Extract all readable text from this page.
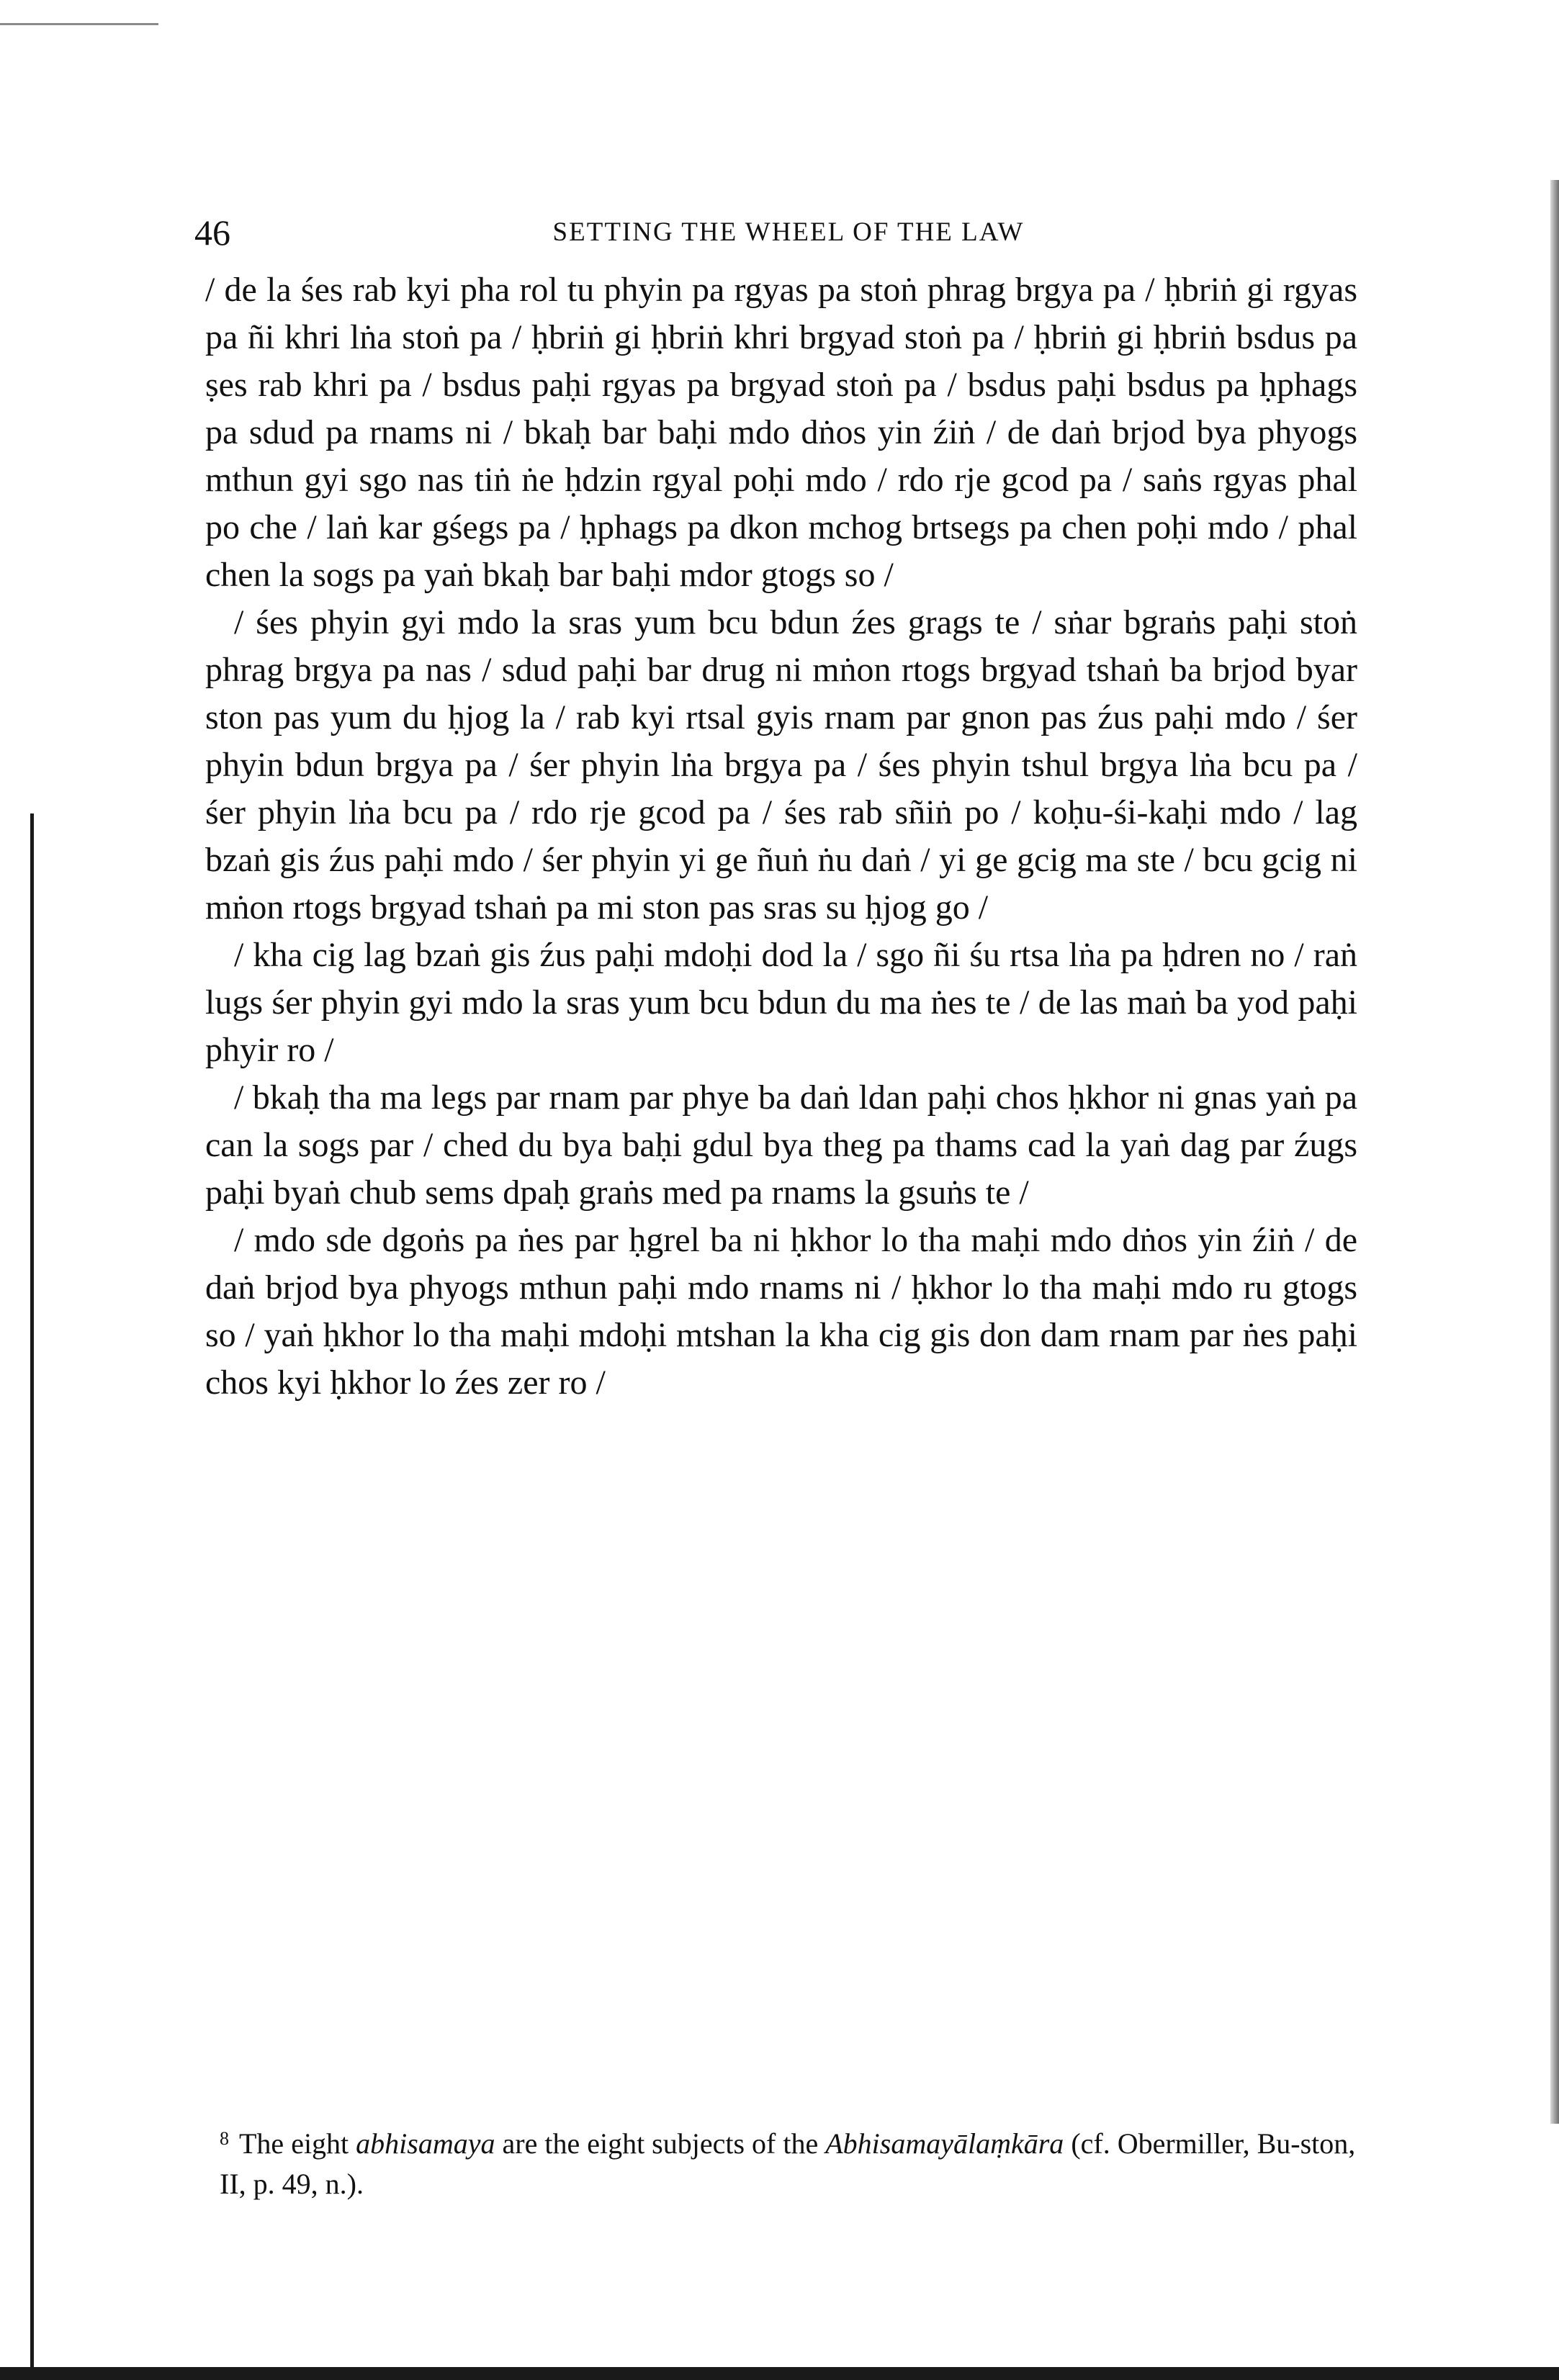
46	SETTING THE WHEEL OF THE LAW

/ de la śes rab kyi pha rol tu phyin pa rgyas pa stoṅ phrag brgya pa / ḥbriṅ gi rgyas pa ñi khri lṅa stoṅ pa / ḥbriṅ gi ḥbriṅ khri brgyad stoṅ pa / ḥbriṅ gi ḥbriṅ bsdus pa ṣes rab khri pa / bsdus paḥi rgyas pa brgyad stoṅ pa / bsdus paḥi bsdus pa ḥphags pa sdud pa rnams ni / bkaḥ bar baḥi mdo dṅos yin źiṅ / de daṅ brjod bya phyogs mthun gyi sgo nas tiṅ ṅe ḥdzin rgyal poḥi mdo / rdo rje gcod pa / saṅs rgyas phal po che / laṅ kar gśegs pa / ḥphags pa dkon mchog brtsegs pa chen poḥi mdo / phal chen la sogs pa yaṅ bkaḥ bar baḥi mdor gtogs so /

/ śes phyin gyi mdo la sras yum bcu bdun źes grags te / sṅar bgraṅs paḥi stoṅ phrag brgya pa nas / sdud paḥi bar drug ni mṅon rtogs brgyad tshaṅ ba brjod byar ston pas yum du ḥjog la / rab kyi rtsal gyis rnam par gnon pas źus paḥi mdo / śer phyin bdun brgya pa / śer phyin lṅa brgya pa / śes phyin tshul brgya lṅa bcu pa / śer phyin lṅa bcu pa / rdo rje gcod pa / śes rab sñiṅ po / koḥu-śi-kaḥi mdo / lag bzaṅ gis źus paḥi mdo / śer phyin yi ge ñuṅ ṅu daṅ / yi ge gcig ma ste / bcu gcig ni mṅon rtogs brgyad tshaṅ pa mi ston pas sras su ḥjog go /

/ kha cig lag bzaṅ gis źus paḥi mdoḥi dod la / sgo ñi śu rtsa lṅa pa ḥdren no / raṅ lugs śer phyin gyi mdo la sras yum bcu bdun du ma ṅes te / de las maṅ ba yod paḥi phyir ro /

/ bkaḥ tha ma legs par rnam par phye ba daṅ ldan paḥi chos ḥkhor ni gnas yaṅ pa can la sogs par / ched du bya baḥi gdul bya theg pa thams cad la yaṅ dag par źugs paḥi byaṅ chub sems dpaḥ graṅs med pa rnams la gsuṅs te /

/ mdo sde dgoṅs pa ṅes par ḥgrel ba ni ḥkhor lo tha maḥi mdo dṅos yin źiṅ / de daṅ brjod bya phyogs mthun paḥi mdo rnams ni / ḥkhor lo tha maḥi mdo ru gtogs so / yaṅ ḥkhor lo tha maḥi mdoḥi mtshan la kha cig gis don dam rnam par ṅes paḥi chos kyi ḥkhor lo źes zer ro /

$^8$ The eight abhisamaya are the eight subjects of the Abhisamayālaṃkāra (cf. Obermiller, Bu-ston, II, p. 49, n.).
